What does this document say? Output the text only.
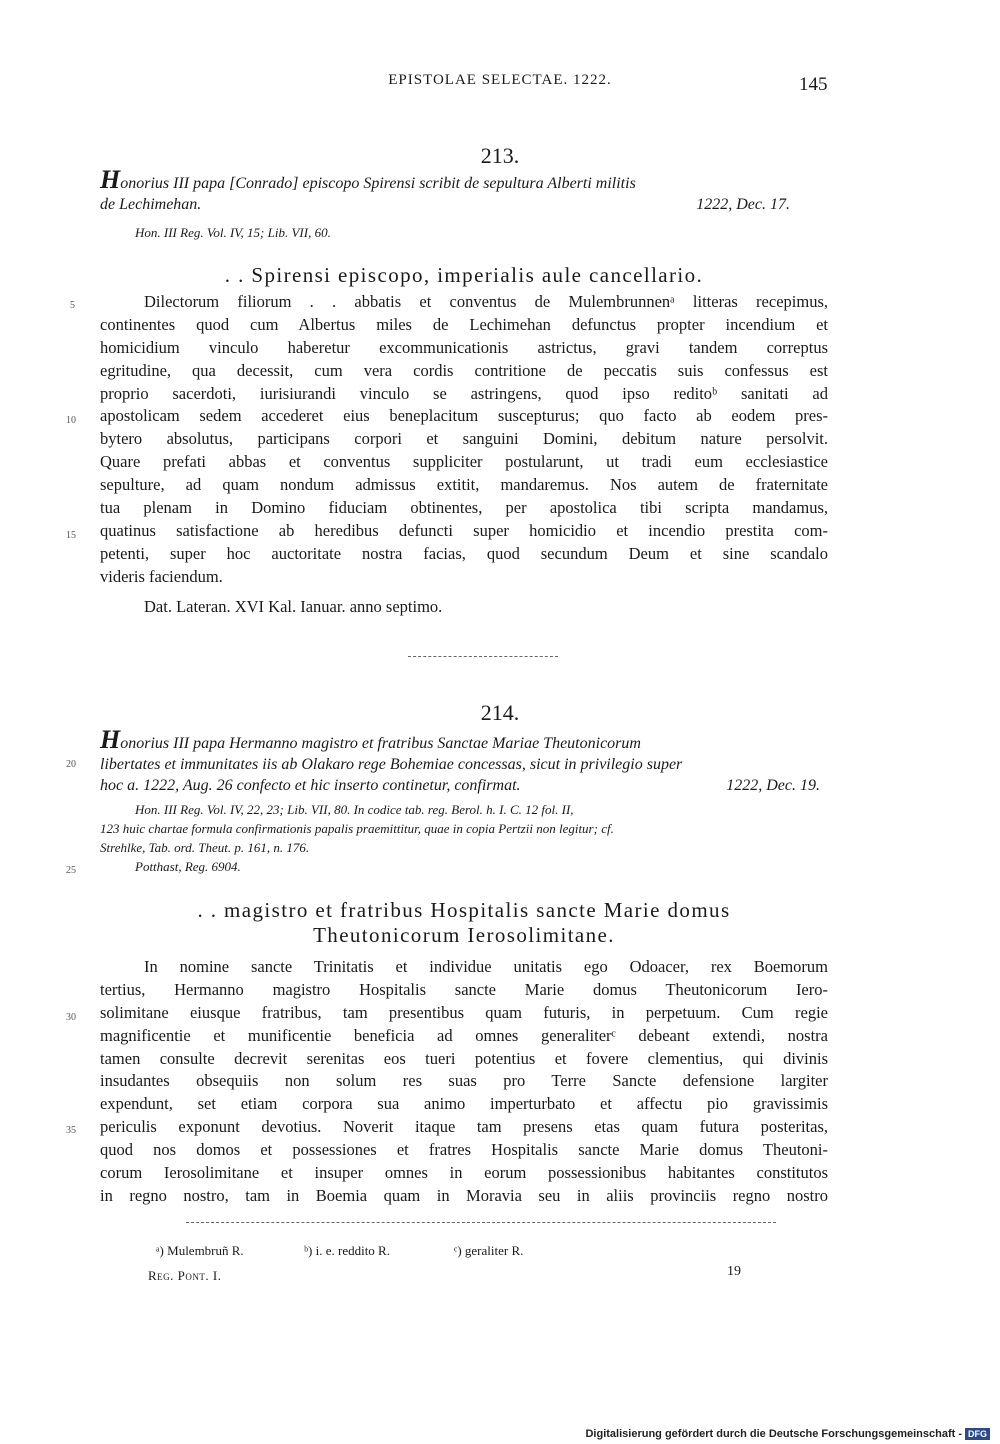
EPISTOLAE SELECTAE. 1222.	145
213.
Honorius III papa [Conrado] episcopo Spirensi scribit de sepultura Alberti militis
de Lechimehan.	1222, Dec. 17.
Hon. III Reg. Vol. IV, 15; Lib. VII, 60.
. . Spirensi episcopo, imperialis aule cancellario.
Dilectorum filiorum . . abbatis et conventus de Mulembrunnenᵃ litteras recepimus,
continentes quod cum Albertus miles de Lechimehan defunctus propter incendium et
homicidium vinculo haberetur excommunicationis astrictus, gravi tandem correptus
egritudine, qua decessit, cum vera cordis contritione de peccatis suis confessus est
proprio sacerdoti, iurisiurandi vinculo se astringens, quod ipso reditoᵇ sanitati ad
apostolicam sedem accederet eius beneplacitum suscepturus; quo facto ab eodem pres-
bytero absolutus, participans corpori et sanguini Domini, debitum nature persolvit.
Quare prefati abbas et conventus suppliciter postularunt, ut tradi eum ecclesiastice
sepulture, ad quam nondum admissus extitit, mandaremus. Nos autem de fraternitate
tua plenam in Domino fiduciam obtinentes, per apostolica tibi scripta mandamus,
quatinus satisfactione ab heredibus defuncti super homicidio et incendio prestita com-
petenti, super hoc auctoritate nostra facias, quod secundum Deum et sine scandalo
videris faciendum.
Dat. Lateran. XVI Kal. Ianuar. anno septimo.
214.
Honorius III papa Hermanno magistro et fratribus Sanctae Mariae Theutonicorum
libertates et immunitates iis ab Olakaro rege Bohemiae concessas, sicut in privilegio super
hoc a. 1222, Aug. 26 confecto et hic inserto continetur, confirmat.	1222, Dec. 19.
Hon. III Reg. Vol. IV, 22, 23; Lib. VII, 80. In codice tab. reg. Berol. h. I. C. 12 fol. II,
123 huic chartae formula confirmationis papalis praemittitur, quae in copia Pertzii non legitur; cf.
Strehlke, Tab. ord. Theut. p. 161, n. 176.
Potthast, Reg. 6904.
. . magistro et fratribus Hospitalis sancte Marie domus
Theutonicorum Ierosolimitane.
In nomine sancte Trinitatis et individue unitatis ego Odoacer, rex Boemorum
tertius, Hermanno magistro Hospitalis sancte Marie domus Theutonicorum Iero-
solimitane eiusque fratribus, tam presentibus quam futuris, in perpetuum. Cum regie
magnificentie et munificentie beneficia ad omnes generaliterᶜ debeant extendi, nostra
tamen consulte decrevit serenitas eos tueri potentius et fovere clementius, qui divinis
insudantes obsequiis non solum res suas pro Terre Sancte defensione largiter
expendunt, set etiam corpora sua animo imperturbato et affectu pio gravissimis
periculis exponunt devotius. Noverit itaque tam presens etas quam futura posteritas,
quod nos domos et possessiones et fratres Hospitalis sancte Marie domus Theutoni-
corum Ierosolimitane et insuper omnes in eorum possessionibus habitantes constitutos
in regno nostro, tam in Boemia quam in Moravia seu in aliis provinciis regno nostro
5
10
15
20
25
30
35
ᵃ) Mulembruñ R.	ᵇ) i. e. reddito R.	ᶜ) geraliter R.
Reg. Pont. I.	19
Digitalisierung gefördert durch die Deutsche Forschungsgemeinschaft - DFG
